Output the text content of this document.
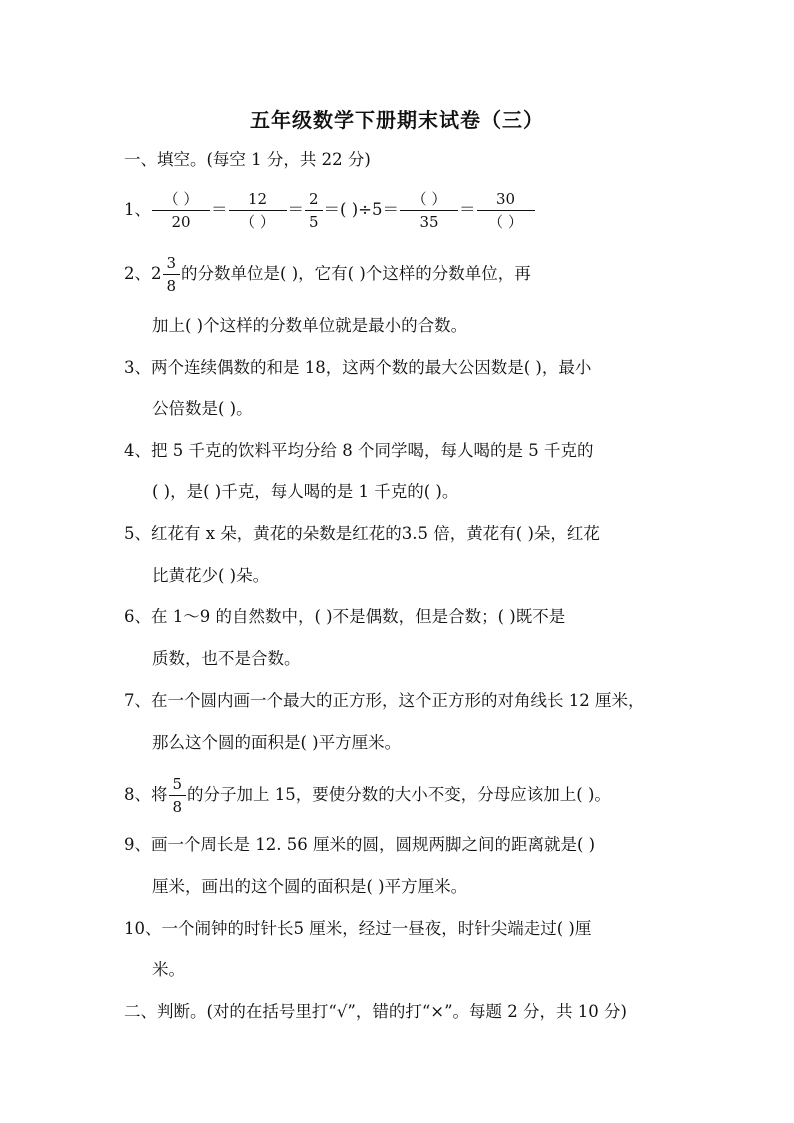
五年级数学下册期末试卷（三）
一、填空。(每空 1 分，共 22 分)
1、 $\frac{( )}{20} = \frac{12}{( )} = \frac{2}{5}$ ＝( )$\div 5= \frac{( )}{35} = \frac{30}{( )}$
2、$2 \frac{3}{8}$ 的分数单位是( )，它有( )个这样的分数单位，再
加上( )个这样的分数单位就是最小的合数。
3、两个连续偶数的和是 18，这两个数的最大公因数是( )，最小
公倍数是( )。
4、把 5 千克的饮料平均分给 8 个同学喝，每人喝的是 5 千克的
( )，是( )千克，每人喝的是 1 千克的( )。
5、红花有 x 朵，黄花的朵数是红花的3.5 倍，黄花有( )朵，红花
比黄花少( )朵。
6、在 1～9 的自然数中，( )不是偶数，但是合数；( )既不是
质数，也不是合数。
7、在一个圆内画一个最大的正方形，这个正方形的对角线长 12 厘米，
那么这个圆的面积是( )平方厘米。
8、将 $\frac{5}{8}$ 的分子加上 15，要使分数的大小不变，分母应该加上( )。
9、画一个周长是 12. 56 厘米的圆，圆规两脚之间的距离就是( )
厘米，画出的这个圆的面积是( )平方厘米。
10、一个闹钟的时针长5 厘米，经过一昼夜，时针尖端走过( )厘
米。
二、判断。(对的在括号里打“√”，错的打“×”。每题 2 分，共 10 分)
